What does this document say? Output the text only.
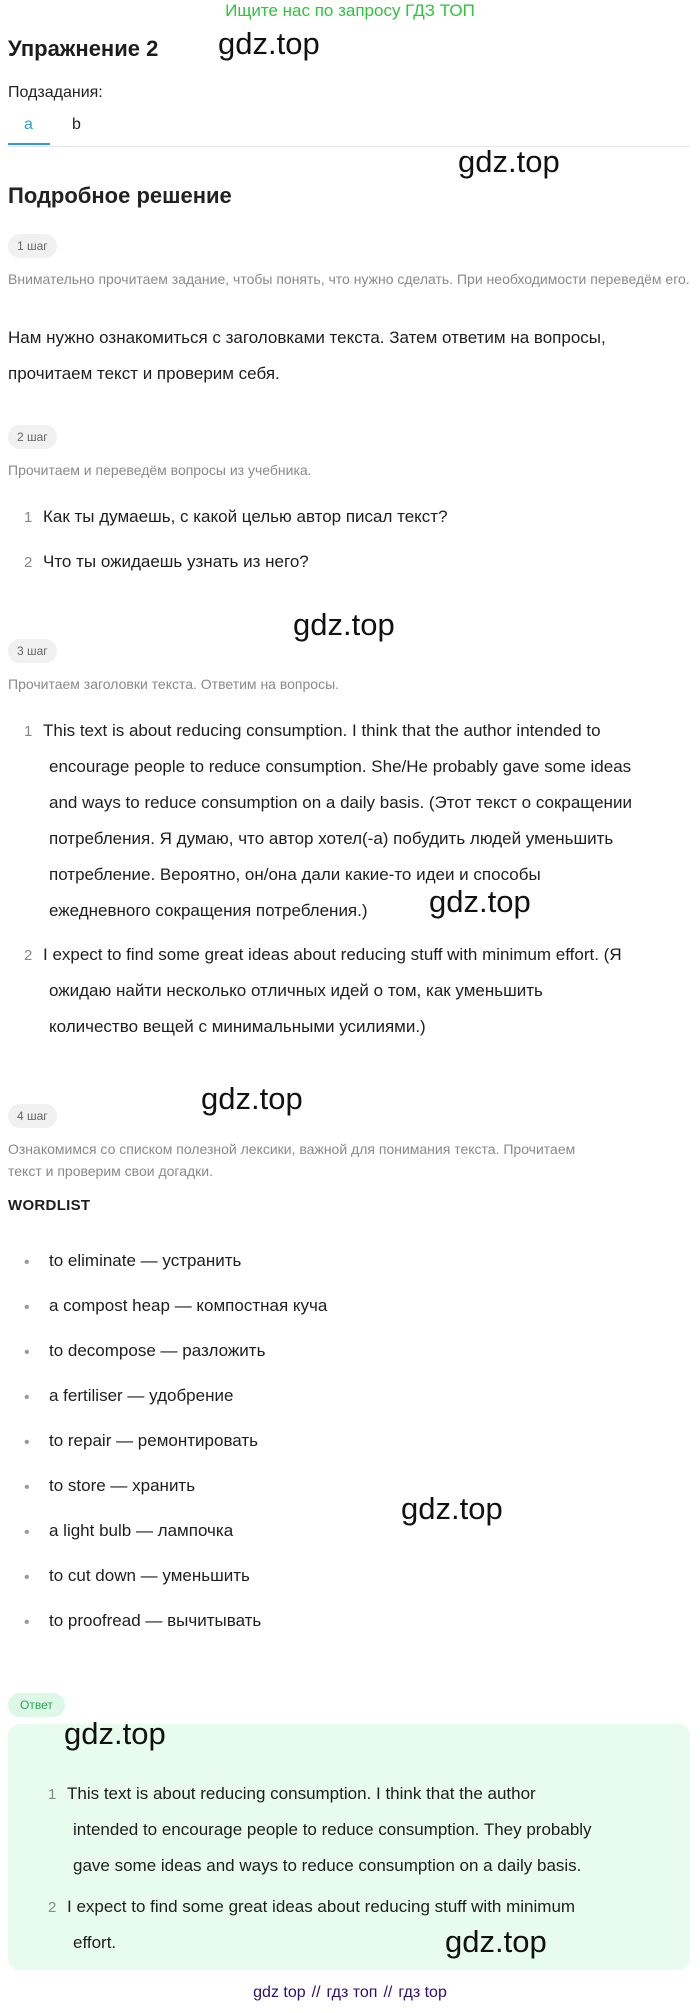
Ищите нас по запросу ГДЗ ТОП
Упражнение 2 gdz.top
Подзадания:
a	b
gdz.top
Подробное решение
1 шаг
Внимательно прочитаем задание, чтобы понять, что нужно сделать. При необходимости переведём его.
Нам нужно ознакомиться с заголовками текста. Затем ответим на вопросы,
прочитаем текст и проверим себя.
2 шаг
Прочитаем и переведём вопросы из учебника.
1 Как ты думаешь, с какой целью автор писал текст?
2 Что ты ожидаешь узнать из него?
gdz.top
3 шаг
Прочитаем заголовки текста. Ответим на вопросы.
1 This text is about reducing consumption. I think that the author intended to
encourage people to reduce consumption. She/He probably gave some ideas
and ways to reduce consumption on a daily basis. (Этот текст о сокращении
потребления. Я думаю, что автор хотел(-а) побудить людей уменьшить
потребление. Вероятно, он/она дали какие-то идеи и способы
ежедневного сокращения потребления.) gdz.top
2 I expect to find some great ideas about reducing stuff with minimum effort. (Я
ожидаю найти несколько отличных идей о том, как уменьшить
количество вещей с минимальными усилиями.)
gdz.top
4 шаг
Ознакомимся со списком полезной лексики, важной для понимания текста. Прочитаем
текст и проверим свои догадки.
WORDLIST
• to eliminate — устранить
• a compost heap — компостная куча
• to decompose — разложить
• a fertiliser — удобрение
• to repair — ремонтировать
• to store — хранить
• a light bulb — лампочка
• to cut down — уменьшить
• to proofread — вычитывать
gdz.top
Ответ
gdz.top
1 This text is about reducing consumption. I think that the author
intended to encourage people to reduce consumption. They probably
gave some ideas and ways to reduce consumption on a daily basis.
2 I expect to find some great ideas about reducing stuff with minimum
effort.	gdz.top
gdz top // гдз топ // гдз top
